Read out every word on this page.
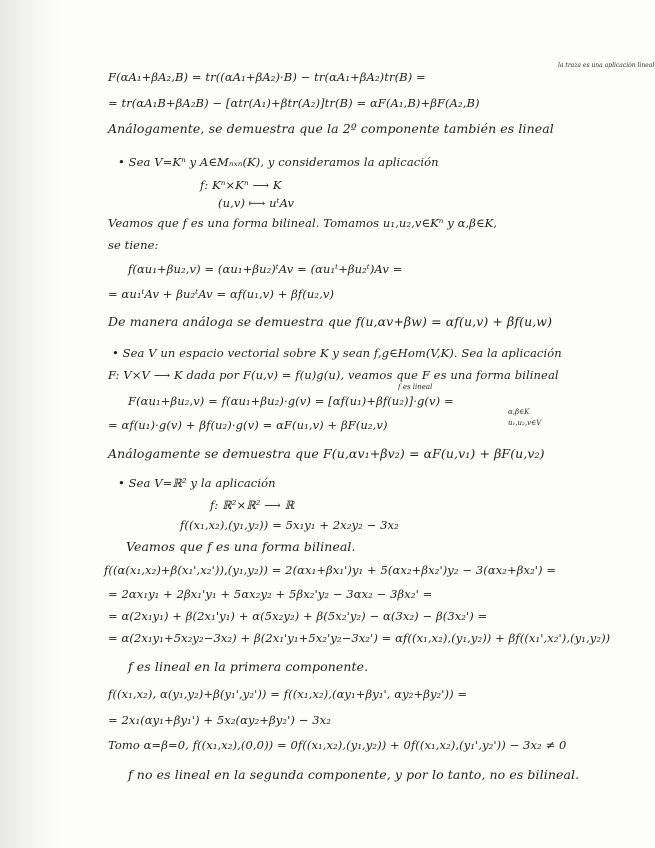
F(αA₁+βA₂,B) = tr((αA₁+βA₂)·B) − tr(αA₁+βA₂)tr(B) =
la traza es una aplicación lineal
= tr(αA₁B+βA₂B) − [αtr(A₁)+βtr(A₂)]tr(B) = αF(A₁,B)+βF(A₂,B)
Análogamente, se demuestra que la 2º componente también es lineal
• Sea V=Kⁿ y A∈Mₙₓₙ(K), y consideramos la aplicación
f: Kⁿ×Kⁿ ⟶ K
(u,v) ⟼ uᵗAv
Veamos que f es una forma bilineal. Tomamos u₁,u₂,v∈Kⁿ y α,β∈K,
se tiene:
f(αu₁+βu₂,v) = (αu₁+βu₂)ᵗAv = (αu₁ᵗ+βu₂ᵗ)Av =
= αu₁ᵗAv + βu₂ᵗAv = αf(u₁,v) + βf(u₂,v)
De manera análoga se demuestra que f(u,αv+βw) = αf(u,v) + βf(u,w)
• Sea V un espacio vectorial sobre K y sean f,g∈Hom(V,K). Sea la aplicación
F: V×V ⟶ K dada por F(u,v) = f(u)g(u), veamos que F es una forma bilineal
f es lineal
F(αu₁+βu₂,v) = f(αu₁+βu₂)·g(v) = [αf(u₁)+βf(u₂)]·g(v) =
α,β∈K
= αf(u₁)·g(v) + βf(u₂)·g(v) = αF(u₁,v) + βF(u₂,v)	u₁,u₂,v∈V
Análogamente se demuestra que F(u,αv₁+βv₂) = αF(u,v₁) + βF(u,v₂)
• Sea V=ℝ² y la aplicación
f: ℝ²×ℝ² ⟶ ℝ
f((x₁,x₂),(y₁,y₂)) = 5x₁y₁ + 2x₂y₂ − 3x₂
Veamos que f es una forma bilineal.
f((α(x₁,x₂)+β(x₁',x₂')),(y₁,y₂)) = 2(αx₁+βx₁')y₁ + 5(αx₂+βx₂')y₂ − 3(αx₂+βx₂') =
= 2αx₁y₁ + 2βx₁'y₁ + 5αx₂y₂ + 5βx₂'y₂ − 3αx₂ − 3βx₂' =
= α(2x₁y₁) + β(2x₁'y₁) + α(5x₂y₂) + β(5x₂'y₂) − α(3x₂) − β(3x₂') =
= α(2x₁y₁+5x₂y₂−3x₂) + β(2x₁'y₁+5x₂'y₂−3x₂') = αf((x₁,x₂),(y₁,y₂)) + βf((x₁',x₂'),(y₁,y₂))
f es lineal en la primera componente.
f((x₁,x₂), α(y₁,y₂)+β(y₁',y₂')) = f((x₁,x₂),(αy₁+βy₁', αy₂+βy₂')) =
= 2x₁(αy₁+βy₁') + 5x₂(αy₂+βy₂') − 3x₂
Tomo α=β=0, f((x₁,x₂),(0,0)) = 0f((x₁,x₂),(y₁,y₂)) + 0f((x₁,x₂),(y₁',y₂')) − 3x₂ ≠ 0
f no es lineal en la segunda componente, y por lo tanto, no es bilineal.
